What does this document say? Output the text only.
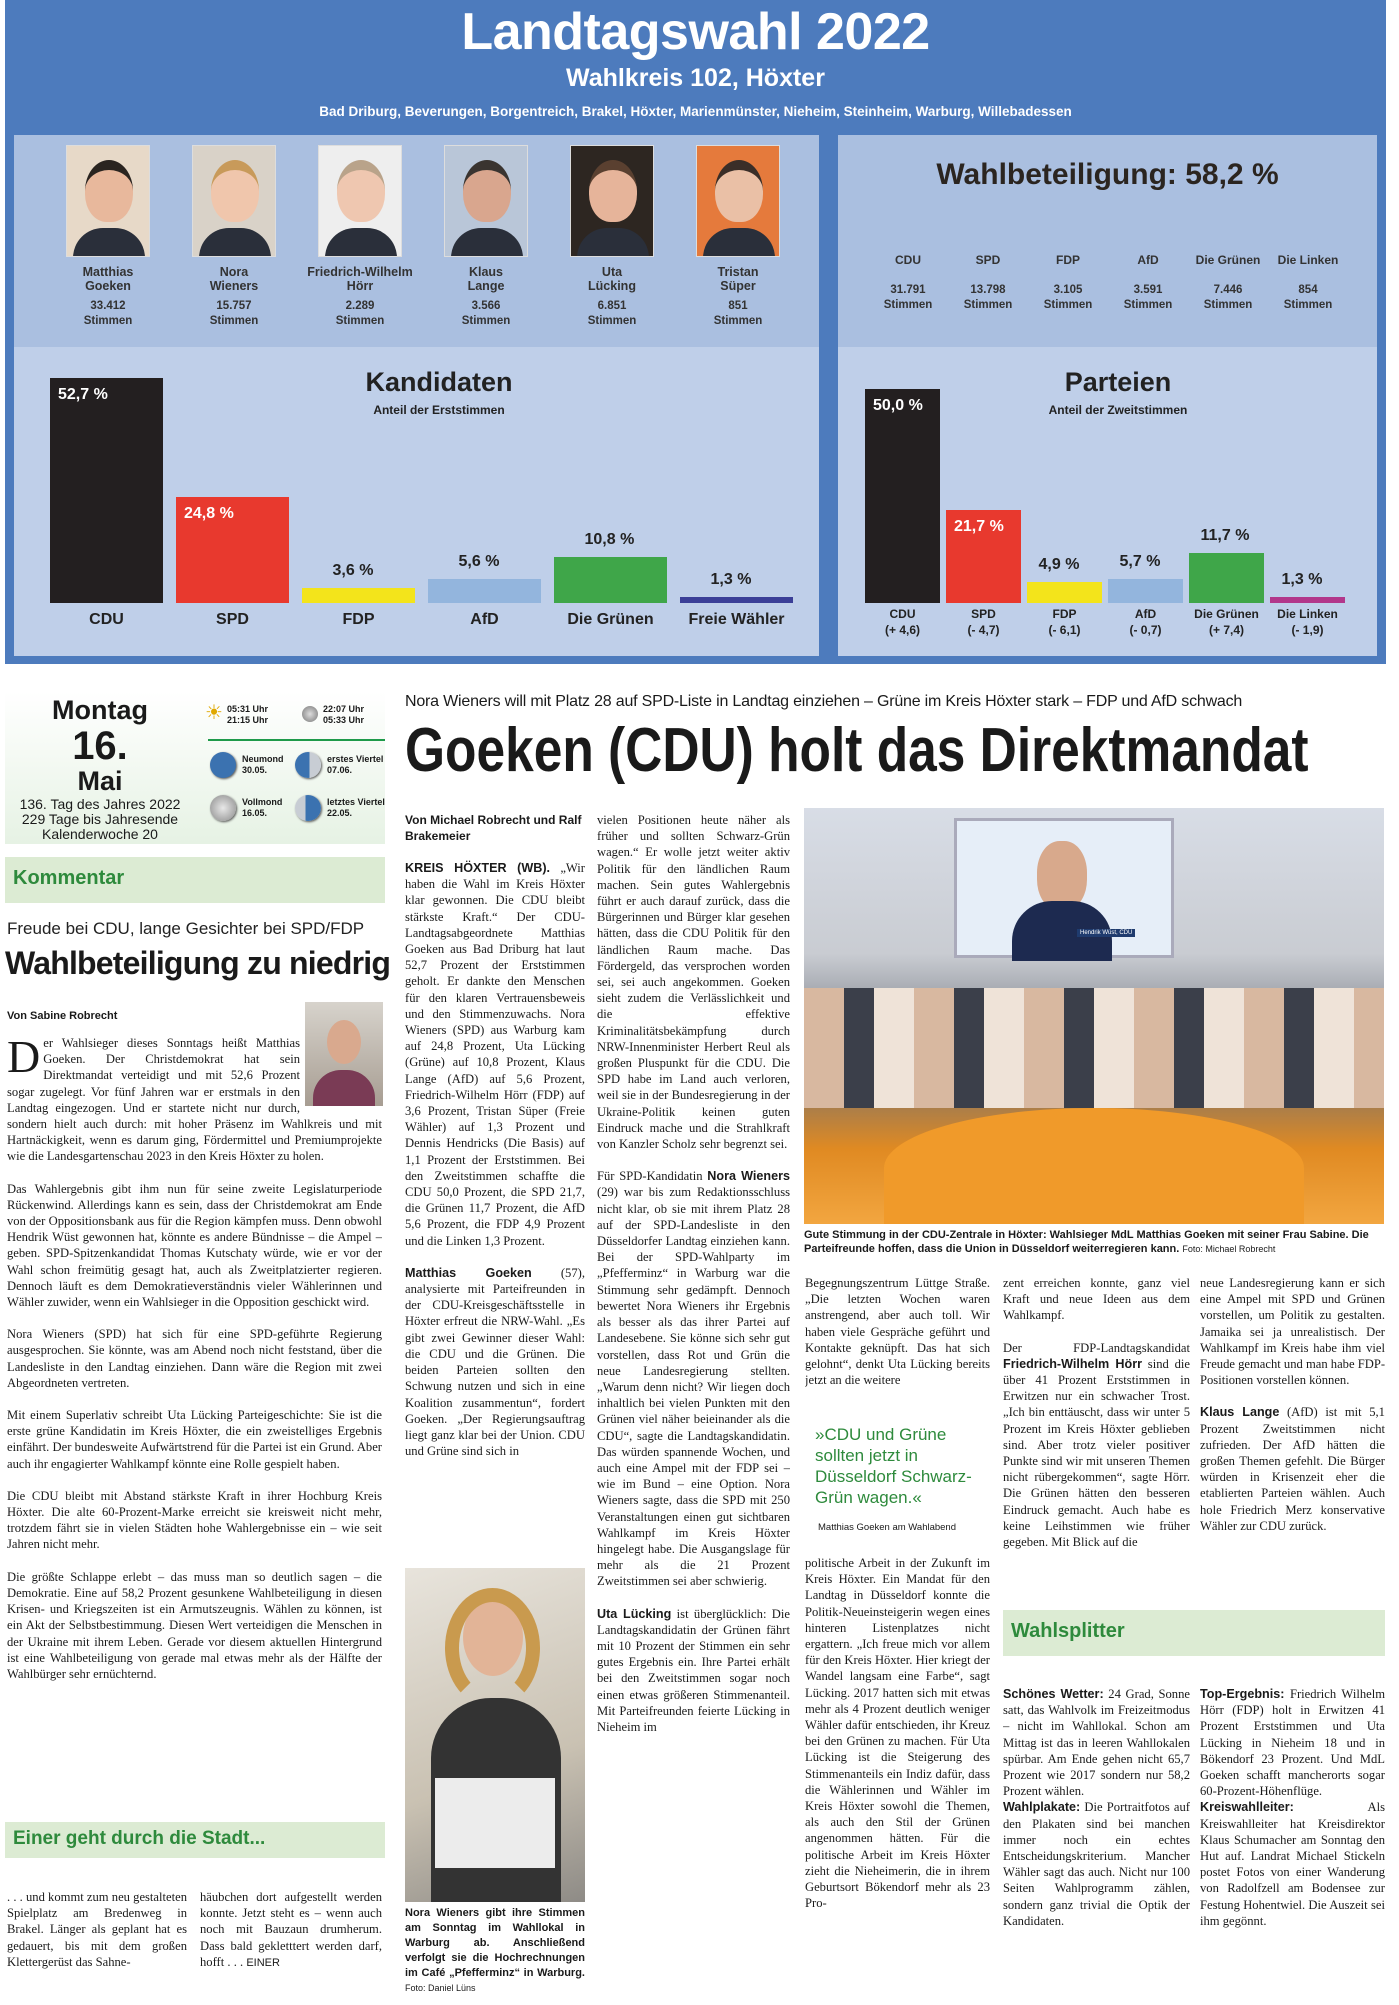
Landtagswahl 2022
Wahlkreis 102, Höxter
Bad Driburg, Beverungen, Borgentreich, Brakel, Höxter, Marienmünster, Nieheim, Steinheim, Warburg, Willebadessen
Matthias
Goeken
33.412
Stimmen
Nora
Wieners
15.757
Stimmen
Friedrich-Wilhelm
Hörr
2.289
Stimmen
Klaus
Lange
3.566
Stimmen
Uta
Lücking
6.851
Stimmen
Tristan
Süper
851
Stimmen
Kandidaten
Anteil der Erststimmen
52,7 %
CDU
24,8 %
SPD
3,6 %
FDP
5,6 %
AfD
10,8 %
Die Grünen
1,3 %
Freie Wähler
Wahlbeteiligung: 58,2 %
CDU
31.791
Stimmen
SPD
13.798
Stimmen
FDP
3.105
Stimmen
AfD
3.591
Stimmen
Die Grünen
7.446
Stimmen
Die Linken
854
Stimmen
Parteien
Anteil der Zweitstimmen
50,0 %
CDU
(+ 4,6)
21,7 %
SPD
(- 4,7)
4,9 %
FDP
(- 6,1)
5,7 %
AfD
(- 0,7)
11,7 %
Die Grünen
(+ 7,4)
1,3 %
Die Linken
(- 1,9)
Montag
16.
Mai
136. Tag des Jahres 2022
229 Tage bis Jahresende
Kalenderwoche 20
☀ 05:31 Uhr
21:15 Uhr
22:07 Uhr
05:33 Uhr
Neumond
30.05.
erstes Viertel
07.06.
Vollmond
16.05.
letztes Viertel
22.05.
Kommentar
Freude bei CDU, lange Gesichter bei SPD/FDP
Wahlbeteiligung zu niedrig
Von Sabine Robrecht

Der Wahlsieger dieses Sonntags heißt Matthias Goeken. Der Christdemokrat hat sein Direktmandat verteidigt und mit 52,6 Prozent sogar zugelegt. Vor fünf Jahren war er erstmals in den Landtag eingezogen. Und er startete nicht nur durch, sondern hielt auch durch: mit hoher Präsenz im Wahlkreis und mit Hartnäckigkeit, wenn es darum ging, Fördermittel und Premiumprojekte wie die Landesgartenschau 2023 in den Kreis Höxter zu holen.

Das Wahlergebnis gibt ihm nun für seine zweite Legislaturperiode Rückenwind. Allerdings kann es sein, dass der Christdemokrat am Ende von der Oppositionsbank aus für die Region kämpfen muss. Denn obwohl Hendrik Wüst gewonnen hat, könnte es andere Bündnisse – die Ampel – geben. SPD-Spitzenkandidat Thomas Kutschaty würde, wie er vor der Wahl schon freimütig gesagt hat, auch als Zweitplatzierter regieren. Dennoch läuft es dem Demokratieverständnis vieler Wählerinnen und Wähler zuwider, wenn ein Wahlsieger in die Opposition geschickt wird.

Nora Wieners (SPD) hat sich für eine SPD-geführte Regierung ausgesprochen. Sie könnte, was am Abend noch nicht feststand, über die Landesliste in den Landtag einziehen. Dann wäre die Region mit zwei Abgeordneten vertreten.

Mit einem Superlativ schreibt Uta Lücking Parteigeschichte: Sie ist die erste grüne Kandidatin im Kreis Höxter, die ein zweistelliges Ergebnis einfährt. Der bundesweite Aufwärtstrend für die Partei ist ein Grund. Aber auch ihr engagierter Wahlkampf könnte eine Rolle gespielt haben.

Die CDU bleibt mit Abstand stärkste Kraft in ihrer Hochburg Kreis Höxter. Die alte 60-Prozent-Marke erreicht sie kreisweit nicht mehr, trotzdem fährt sie in vielen Städten hohe Wahlergebnisse ein – wie seit Jahren nicht mehr.

Die größte Schlappe erlebt – das muss man so deutlich sagen – die Demokratie. Eine auf 58,2 Prozent gesunkene Wahlbeteiligung in diesen Krisen- und Kriegszeiten ist ein Armutszeugnis. Wählen zu können, ist ein Akt der Selbstbestimmung. Diesen Wert verteidigen die Menschen in der Ukraine mit ihrem Leben. Gerade vor diesem aktuellen Hintergrund ist eine Wahlbeteiligung von gerade mal etwas mehr als der Hälfte der Wahlbürger sehr ernüchternd.

Einer geht durch die Stadt...

. . . und kommt zum neu gestalteten Spielplatz am Bredenweg in Brakel. Länger als geplant hat es gedauert, bis mit dem großen Klettergerüst das Sahne-

häubchen dort aufgestellt werden konnte. Jetzt steht es – wenn auch noch mit Bauzaun drumherum. Dass bald gekletttert werden darf, hofft . . . EINER

Nora Wieners will mit Platz 28 auf SPD-Liste in Landtag einziehen – Grüne im Kreis Höxter stark – FDP und AfD schwach
Goeken (CDU) holt das Direktmandat
Von Michael Robrecht und Ralf Brakemeier

KREIS HÖXTER (WB). „Wir haben die Wahl im Kreis Höxter klar gewonnen. Die CDU bleibt stärkste Kraft.“ Der CDU-Landtagsabgeordnete Matthias Goeken aus Bad Driburg hat laut 52,7 Prozent der Erststimmen geholt. Er dankte den Menschen für den klaren Vertrauensbeweis und den Stimmenzuwachs. Nora Wieners (SPD) aus Warburg kam auf 24,8 Prozent, Uta Lücking (Grüne) auf 10,8 Prozent, Klaus Lange (AfD) auf 5,6 Prozent, Friedrich-Wilhelm Hörr (FDP) auf 3,6 Prozent, Tristan Süper (Freie Wähler) auf 1,3 Prozent und Dennis Hendricks (Die Basis) auf 1,1 Prozent der Erststimmen. Bei den Zweitstimmen schaffte die CDU 50,0 Prozent, die SPD 21,7, die Grünen 11,7 Prozent, die AfD 5,6 Prozent, die FDP 4,9 Prozent und die Linken 1,3 Prozent.

Matthias Goeken (57), analysierte mit Parteifreunden in der CDU-Kreisgeschäftsstelle in Höxter erfreut die NRW-Wahl. „Es gibt zwei Gewinner dieser Wahl: die CDU und die Grünen. Die beiden Parteien sollten den Schwung nutzen und sich in eine Koalition zusammentun“, fordert Goeken. „Der Regierungsauftrag liegt ganz klar bei der Union. CDU und Grüne sind sich in

Nora Wieners gibt ihre Stimmen am Sonntag im Wahllokal in Warburg ab. Anschließend verfolgt sie die Hochrechnungen im Café „Pfefferminz“ in Warburg. Foto: Daniel Lüns

vielen Positionen heute näher als früher und sollten Schwarz-Grün wagen.“ Er wolle jetzt weiter aktiv Politik für den ländlichen Raum machen. Sein gutes Wahlergebnis führt er auch darauf zurück, dass die Bürgerinnen und Bürger klar gesehen hätten, dass die CDU Politik für den ländlichen Raum mache. Das Fördergeld, das versprochen worden sei, sei auch angekommen. Goeken sieht zudem die Verlässlichkeit und die effektive Kriminalitätsbekämpfung durch NRW-Innenminister Herbert Reul als großen Pluspunkt für die CDU. Die SPD habe im Land auch verloren, weil sie in der Bundesregierung in der Ukraine-Politik keinen guten Eindruck mache und die Strahlkraft von Kanzler Scholz sehr begrenzt sei.

Für SPD-Kandidatin Nora Wieners (29) war bis zum Redaktionsschluss nicht klar, ob sie mit ihrem Platz 28 auf der SPD-Landesliste in den Düsseldorfer Landtag einziehen kann. Bei der SPD-Wahlparty im „Pfefferminz“ in Warburg war die Stimmung sehr gedämpft. Dennoch bewertet Nora Wieners ihr Ergebnis als besser als das ihrer Partei auf Landesebene. Sie könne sich sehr gut vorstellen, dass Rot und Grün die neue Landesregierung stellten. „Warum denn nicht? Wir liegen doch inhaltlich bei vielen Punkten mit den Grünen viel näher beieinander als die CDU“, sagte die Landtagskandidatin. Das würden spannende Wochen, und auch eine Ampel mit der FDP sei – wie im Bund – eine Option. Nora Wieners sagte, dass die SPD mit 250 Veranstaltungen einen gut sichtbaren Wahlkampf im Kreis Höxter hingelegt habe. Die Ausgangslage für mehr als die 21 Prozent Zweitstimmen sei aber schwierig.

Uta Lücking ist überglücklich: Die Landtagskandidatin der Grünen fährt mit 10 Prozent der Stimmen ein sehr gutes Ergebnis ein. Ihre Partei erhält bei den Zweitstimmen sogar noch einen etwas größeren Stimmenanteil. Mit Parteifreunden feierte Lücking in Nieheim im

Hendrik Wüst, CDU
Gute Stimmung in der CDU-Zentrale in Höxter: Wahlsieger MdL Matthias Goeken mit seiner Frau Sabine. Die Parteifreunde hoffen, dass die Union in Düsseldorf weiterregieren kann. Foto: Michael Robrecht

Begegnungszentrum Lüttge Straße. „Die letzten Wochen waren anstrengend, aber auch toll. Wir haben viele Gespräche geführt und Kontakte geknüpft. Das hat sich gelohnt“, denkt Uta Lücking bereits jetzt an die weitere

»CDU und Grüne sollten jetzt in Düsseldorf Schwarz-Grün wagen.«
Matthias Goeken am Wahlabend

politische Arbeit in der Zukunft im Kreis Höxter. Ein Mandat für den Landtag in Düsseldorf konnte die Politik-Neueinsteigerin wegen eines hinteren Listenplatzes nicht ergattern. „Ich freue mich vor allem für den Kreis Höxter. Hier kriegt der Wandel langsam eine Farbe“, sagt Lücking. 2017 hatten sich mit etwas mehr als 4 Prozent deutlich weniger Wähler dafür entschieden, ihr Kreuz bei den Grünen zu machen. Für Uta Lücking ist die Steigerung des Stimmenanteils ein Indiz dafür, dass die Wählerinnen und Wähler im Kreis Höxter sowohl die Themen, als auch den Stil der Grünen angenommen hätten. Für die politische Arbeit im Kreis Höxter zieht die Nieheimerin, die in ihrem Geburtsort Bökendorf mehr als 23 Pro-

zent erreichen konnte, ganz viel Kraft und neue Ideen aus dem Wahlkampf.

Der FDP-Landtagskandidat Friedrich-Wilhelm Hörr sind die über 41 Prozent Erststimmen in Erwitzen nur ein schwacher Trost. „Ich bin enttäuscht, dass wir unter 5 Prozent im Kreis Höxter geblieben sind. Aber trotz vieler positiver Punkte sind wir mit unseren Themen nicht rübergekommen“, sagte Hörr. Die Grünen hätten den besseren Eindruck gemacht. Auch habe es keine Leihstimmen wie früher gegeben. Mit Blick auf die

neue Landesregierung kann er sich eine Ampel mit SPD und Grünen vorstellen, um Politik zu gestalten. Jamaika sei ja unrealistisch. Der Wahlkampf im Kreis habe ihm viel Freude gemacht und man habe FDP-Positionen vorstellen können.

Klaus Lange (AfD) ist mit 5,1 Prozent Zweitstimmen nicht zufrieden. Der AfD hätten die großen Themen gefehlt. Die Bürger würden in Krisenzeit eher die etablierten Parteien wählen. Auch hole Friedrich Merz konservative Wähler zur CDU zurück.

Wahlsplitter

Schönes Wetter: 24 Grad, Sonne satt, das Wahlvolk im Freizeitmodus – nicht im Wahllokal. Schon am Mittag ist das in leeren Wahllokalen spürbar. Am Ende gehen nicht 65,7 Prozent wie 2017 sondern nur 58,2 Prozent wählen.

Wahlplakate: Die Portraitfotos auf den Plakaten sind bei manchen immer noch ein echtes Entscheidungskriterium. Mancher Wähler sagt das auch. Nicht nur 100 Seiten Wahlprogramm zählen, sondern ganz trivial die Optik der Kandidaten.

Top-Ergebnis: Friedrich Wilhelm Hörr (FDP) holt in Erwitzen 41 Prozent Erststimmen und Uta Lücking in Nieheim 18 und in Bökendorf 23 Prozent. Und MdL Goeken schafft mancherorts sogar 60-Prozent-Höhenflüge.

Kreiswahlleiter: Als Kreiswahlleiter hat Kreisdirektor Klaus Schumacher am Sonntag den Hut auf. Landrat Michael Stickeln postet Fotos von einer Wanderung von Radolfzell am Bodensee zur Festung Hohentwiel. Die Auszeit sei ihm gegönnt.
